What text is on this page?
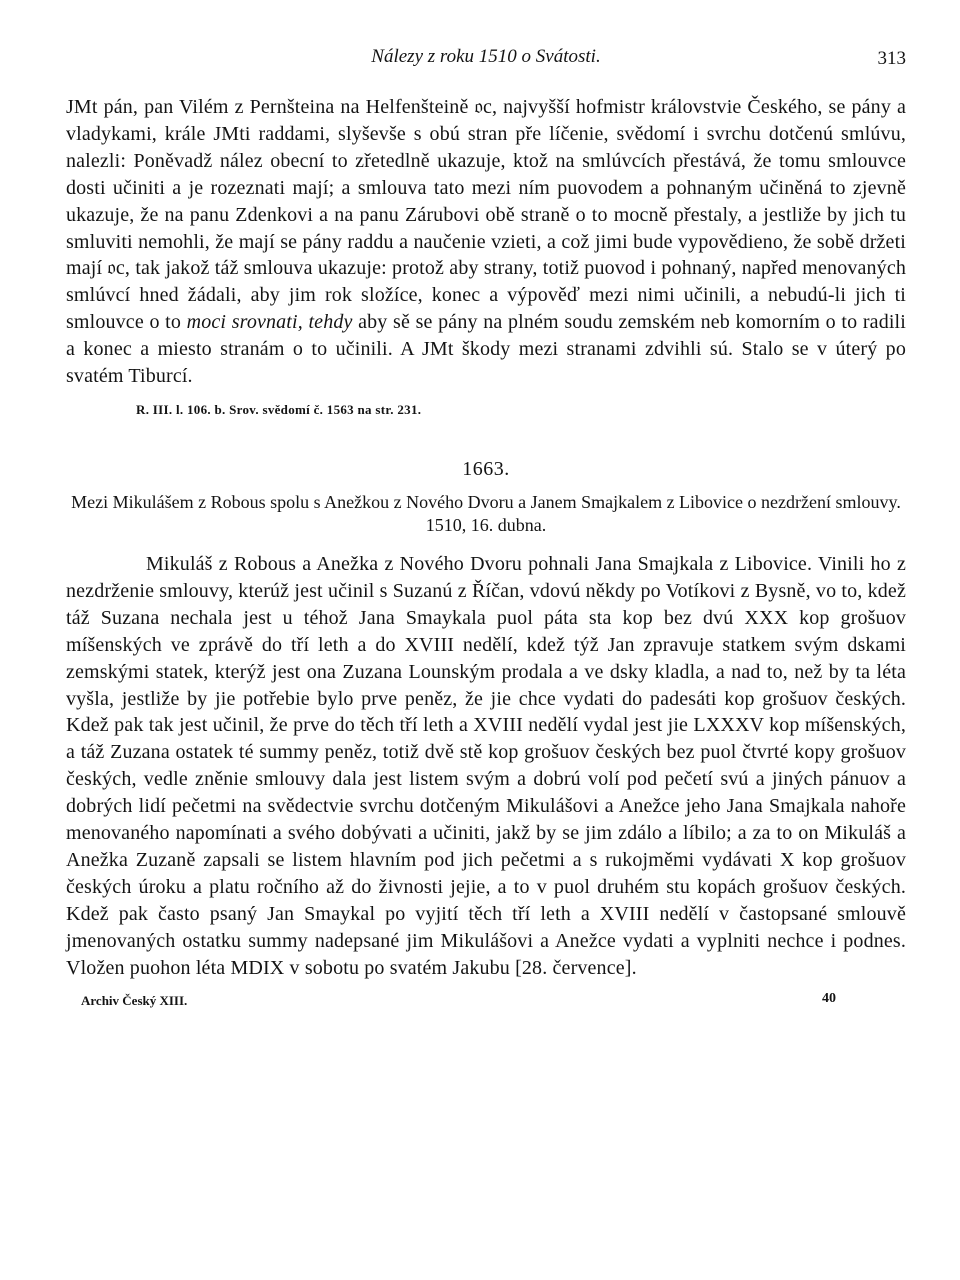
Nálezy z roku 1510 o Svátosti.	313

JMt pán, pan Vilém z Pernšteina na Helfenšteině 𝔬c, najvyšší hofmistr královstvie Českého, se pány a vladykami, krále JMti raddami, slyševše s obú stran pře líčenie, svědomí i svrchu dotčenú smlúvu, nalezli: Poněvadž nález obecní to zřetedlně ukazuje, ktož na smlúvcích přestává, že tomu smlouvce dosti učiniti a je rozeznati mají; a smlouva tato mezi ním puovodem a pohnaným učiněná to zjevně ukazuje, že na panu Zdenkovi a na panu Zárubovi obě straně o to mocně přestaly, a jestliže by jich tu smluviti nemohli, že mají se pány raddu a naučenie vzieti, a což jimi bude vypovědieno, že sobě držeti mají 𝔬c, tak jakož táž smlouva ukazuje: protož aby strany, totiž puovod i pohnaný, napřed menovaných smlúvcí hned žádali, aby jim rok složíce, konec a výpověď mezi nimi učinili, a nebudú-li jich ti smlouvce o to moci srovnati, tehdy aby sě se pány na plném soudu zemském neb komorním o to radili a konec a miesto stranám o to učinili. A JMt škody mezi stranami zdvihli sú. Stalo se v úterý po svatém Tiburcí.

R. III. l. 106. b. Srov. svědomí č. 1563 na str. 231.
1663.

Mezi Mikulášem z Robous spolu s Anežkou z Nového Dvoru a Janem Smajkalem z Libovice o nezdržení smlouvy. 1510, 16. dubna.

Mikuláš z Robous a Anežka z Nového Dvoru pohnali Jana Smajkala z Libovice. Vinili ho z nezdrženie smlouvy, kterúž jest učinil s Suzanú z Říčan, vdovú někdy po Votíkovi z Bysně, vo to, kdež táž Suzana nechala jest u téhož Jana Smaykala puol páta sta kop bez dvú XXX kop grošuov míšenských ve zprávě do tří leth a do XVIII nedělí, kdež týž Jan zpravuje statkem svým dskami zemskými statek, kterýž jest ona Zuzana Lounským prodala a ve dsky kladla, a nad to, než by ta léta vyšla, jestliže by jie potřebie bylo prve peněz, že jie chce vydati do padesáti kop grošuov českých. Kdež pak tak jest učinil, že prve do těch tří leth a XVIII nedělí vydal jest jie LXXXV kop míšenských, a táž Zuzana ostatek té summy peněz, totiž dvě stě kop grošuov českých bez puol čtvrté kopy grošuov českých, vedle zněnie smlouvy dala jest listem svým a dobrú volí pod pečetí svú a jiných pánuov a dobrých lidí pečetmi na svědectvie svrchu dotčeným Mikulášovi a Anežce jeho Jana Smajkala nahoře menovaného napomínati a svého dobývati a učiniti, jakž by se jim zdálo a líbilo; a za to on Mikuláš a Anežka Zuzaně zapsali se listem hlavním pod jich pečetmi a s rukojměmi vydávati X kop grošuov českých úroku a platu ročního až do živnosti jejie, a to v puol druhém stu kopách grošuov českých. Kdež pak často psaný Jan Smaykal po vyjití těch tří leth a XVIII nedělí v častopsané smlouvě jmenovaných ostatku summy nadepsané jim Mikulášovi a Anežce vydati a vyplniti nechce i podnes. Vložen puohon léta MDIX v sobotu po svatém Jakubu [28. července].

Archiv Český XIII.	40
